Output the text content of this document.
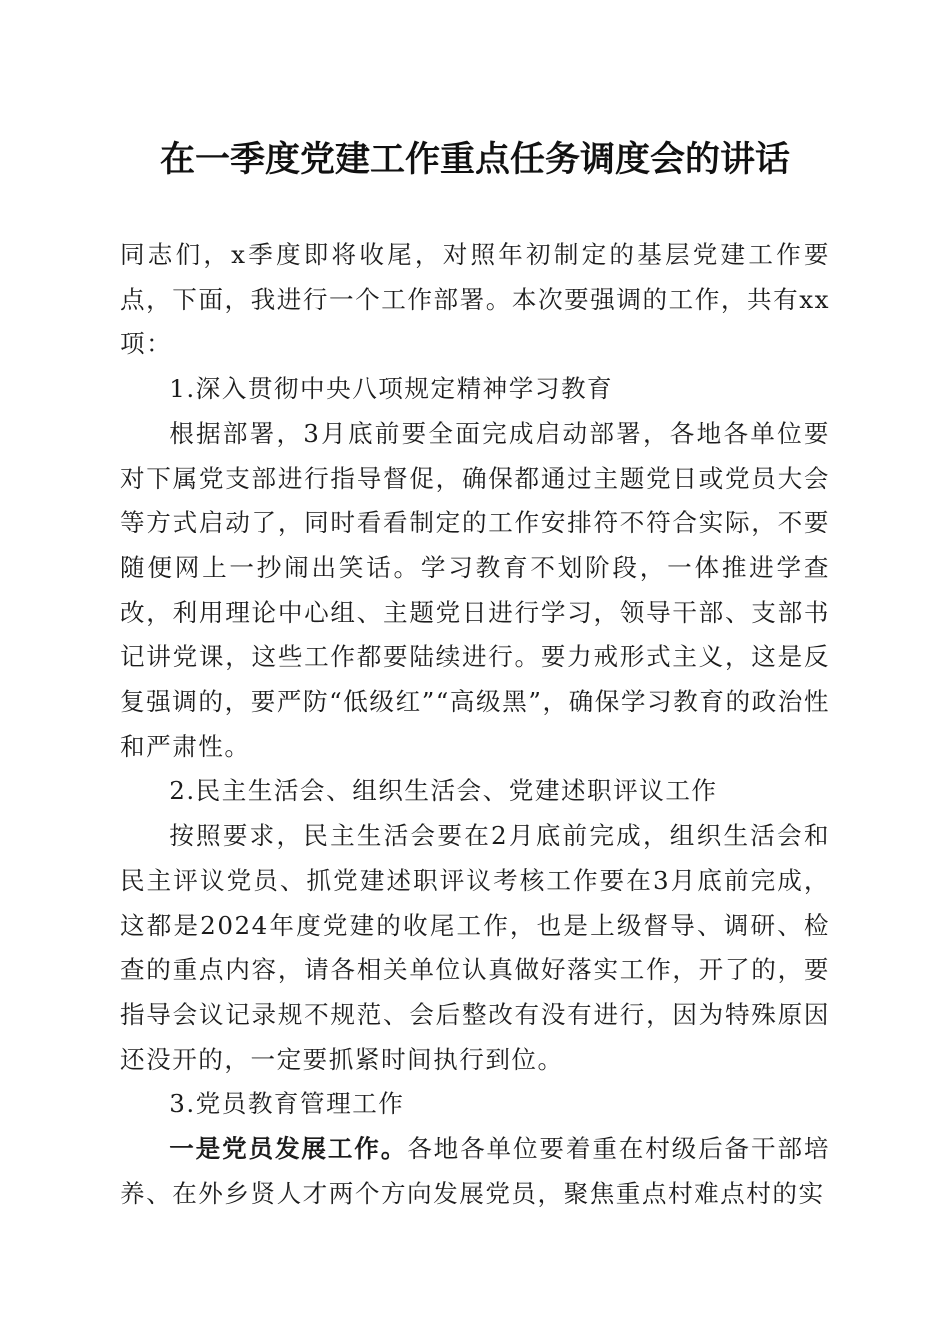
在一季度党建工作重点任务调度会的讲话

同志们，x季度即将收尾，对照年初制定的基层党建工作要点，下面，我进行一个工作部署。本次要强调的工作，共有xx项：

1.深入贯彻中央八项规定精神学习教育

根据部署，3月底前要全面完成启动部署，各地各单位要对下属党支部进行指导督促，确保都通过主题党日或党员大会等方式启动了，同时看看制定的工作安排符不符合实际，不要随便网上一抄闹出笑话。学习教育不划阶段，一体推进学查改，利用理论中心组、主题党日进行学习，领导干部、支部书记讲党课，这些工作都要陆续进行。要力戒形式主义，这是反复强调的，要严防“低级红”“高级黑”，确保学习教育的政治性和严肃性。

2.民主生活会、组织生活会、党建述职评议工作

按照要求，民主生活会要在2月底前完成，组织生活会和民主评议党员、抓党建述职评议考核工作要在3月底前完成，这都是2024年度党建的收尾工作，也是上级督导、调研、检查的重点内容，请各相关单位认真做好落实工作，开了的，要指导会议记录规不规范、会后整改有没有进行，因为特殊原因还没开的，一定要抓紧时间执行到位。

3.党员教育管理工作

一是党员发展工作。各地各单位要着重在村级后备干部培养、在外乡贤人才两个方向发展党员，聚焦重点村难点村的实
